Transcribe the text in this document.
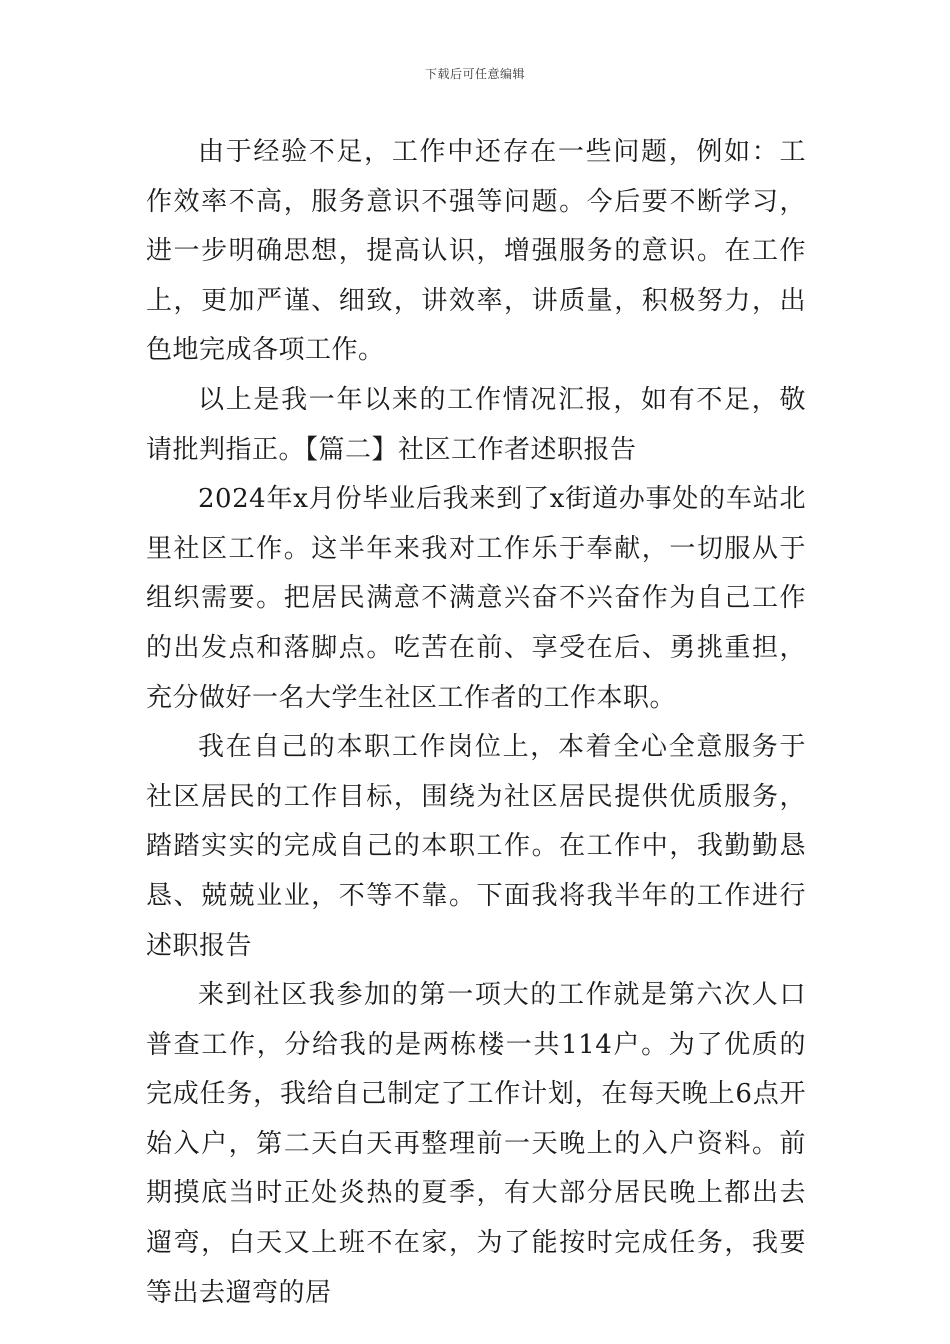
下载后可任意编辑

由于经验不足，工作中还存在一些问题，例如：工作效率不高，服务意识不强等问题。今后要不断学习，进一步明确思想，提高认识，增强服务的意识。在工作上，更加严谨、细致，讲效率，讲质量，积极努力，出色地完成各项工作。

以上是我一年以来的工作情况汇报，如有不足，敬请批判指正。【篇二】社区工作者述职报告

2024年x月份毕业后我来到了x街道办事处的车站北里社区工作。这半年来我对工作乐于奉献，一切服从于组织需要。把居民满意不满意兴奋不兴奋作为自己工作的出发点和落脚点。吃苦在前、享受在后、勇挑重担，充分做好一名大学生社区工作者的工作本职。

我在自己的本职工作岗位上，本着全心全意服务于社区居民的工作目标，围绕为社区居民提供优质服务，踏踏实实的完成自己的本职工作。在工作中，我勤勤恳恳、兢兢业业，不等不靠。下面我将我半年的工作进行述职报告

来到社区我参加的第一项大的工作就是第六次人口普查工作，分给我的是两栋楼一共114户。为了优质的完成任务，我给自己制定了工作计划，在每天晚上6点开始入户，第二天白天再整理前一天晚上的入户资料。前期摸底当时正处炎热的夏季，有大部分居民晚上都出去遛弯，白天又上班不在家，为了能按时完成任务，我要等出去遛弯的居
